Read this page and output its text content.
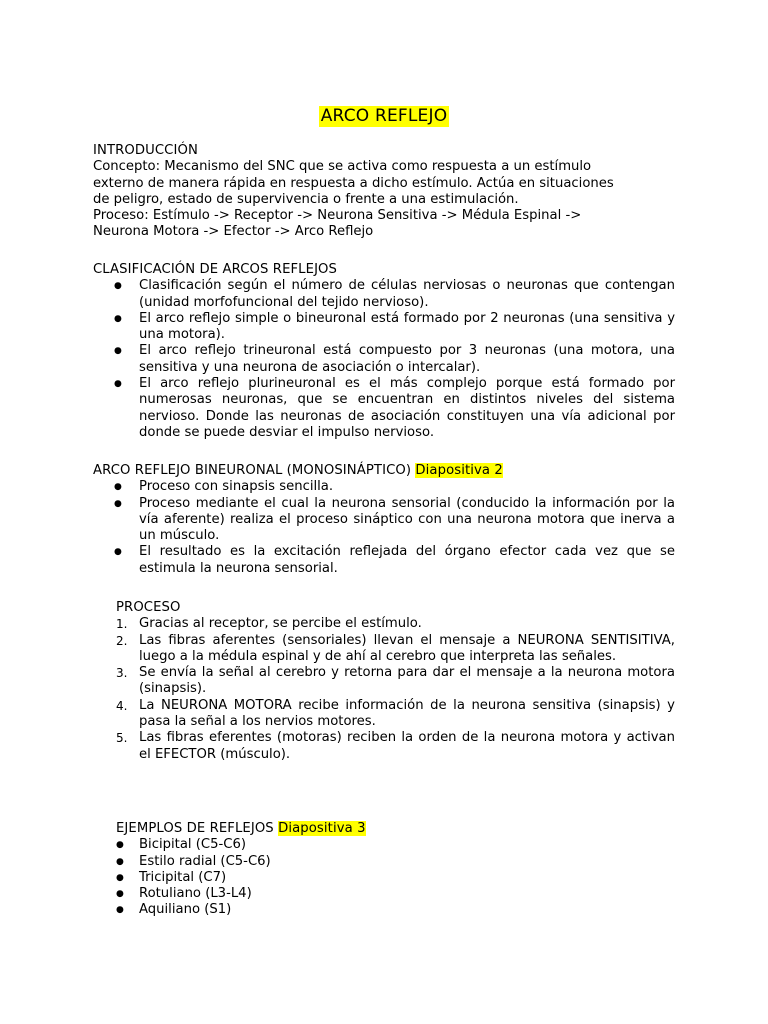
ARCO REFLEJO

INTRODUCCIÓN

Concepto: Mecanismo del SNC que se activa como respuesta a un estímulo

externo de manera rápida en respuesta a dicho estímulo. Actúa en situaciones

de peligro, estado de supervivencia o frente a una estimulación.

Proceso: Estímulo -> Receptor -> Neurona Sensitiva -> Médula Espinal ->

Neurona Motora -> Efector -> Arco Reflejo

CLASIFICACIÓN DE ARCOS REFLEJOS

● Clasificación según el número de células nerviosas o neuronas que contengan (unidad morfofuncional del tejido nervioso).
● El arco reflejo simple o bineuronal está formado por 2 neuronas (una sensitiva y una motora).
● El arco reflejo trineuronal está compuesto por 3 neuronas (una motora, una sensitiva y una neurona de asociación o intercalar).
● El arco reflejo plurineuronal es el más complejo porque está formado por numerosas neuronas, que se encuentran en distintos niveles del sistema nervioso. Donde las neuronas de asociación constituyen una vía adicional por donde se puede desviar el impulso nervioso.

ARCO REFLEJO BINEURONAL (MONOSINÁPTICO) Diapositiva 2

● Proceso con sinapsis sencilla.
● Proceso mediante el cual la neurona sensorial (conducido la información por la vía aferente) realiza el proceso sináptico con una neurona motora que inerva a un músculo.
● El resultado es la excitación reflejada del órgano efector cada vez que se estimula la neurona sensorial.

PROCESO

1. Gracias al receptor, se percibe el estímulo.
2. Las fibras aferentes (sensoriales) llevan el mensaje a NEURONA SENTISITIVA, luego a la médula espinal y de ahí al cerebro que interpreta las señales.
3. Se envía la señal al cerebro y retorna para dar el mensaje a la neurona motora (sinapsis).
4. La NEURONA MOTORA recibe información de la neurona sensitiva (sinapsis) y pasa la señal a los nervios motores.
5. Las fibras eferentes (motoras) reciben la orden de la neurona motora y activan el EFECTOR (músculo).

EJEMPLOS DE REFLEJOS Diapositiva 3

● Bicipital (C5-C6)
● Estilo radial (C5-C6)
● Tricipital (C7)
● Rotuliano (L3-L4)
● Aquiliano (S1)
